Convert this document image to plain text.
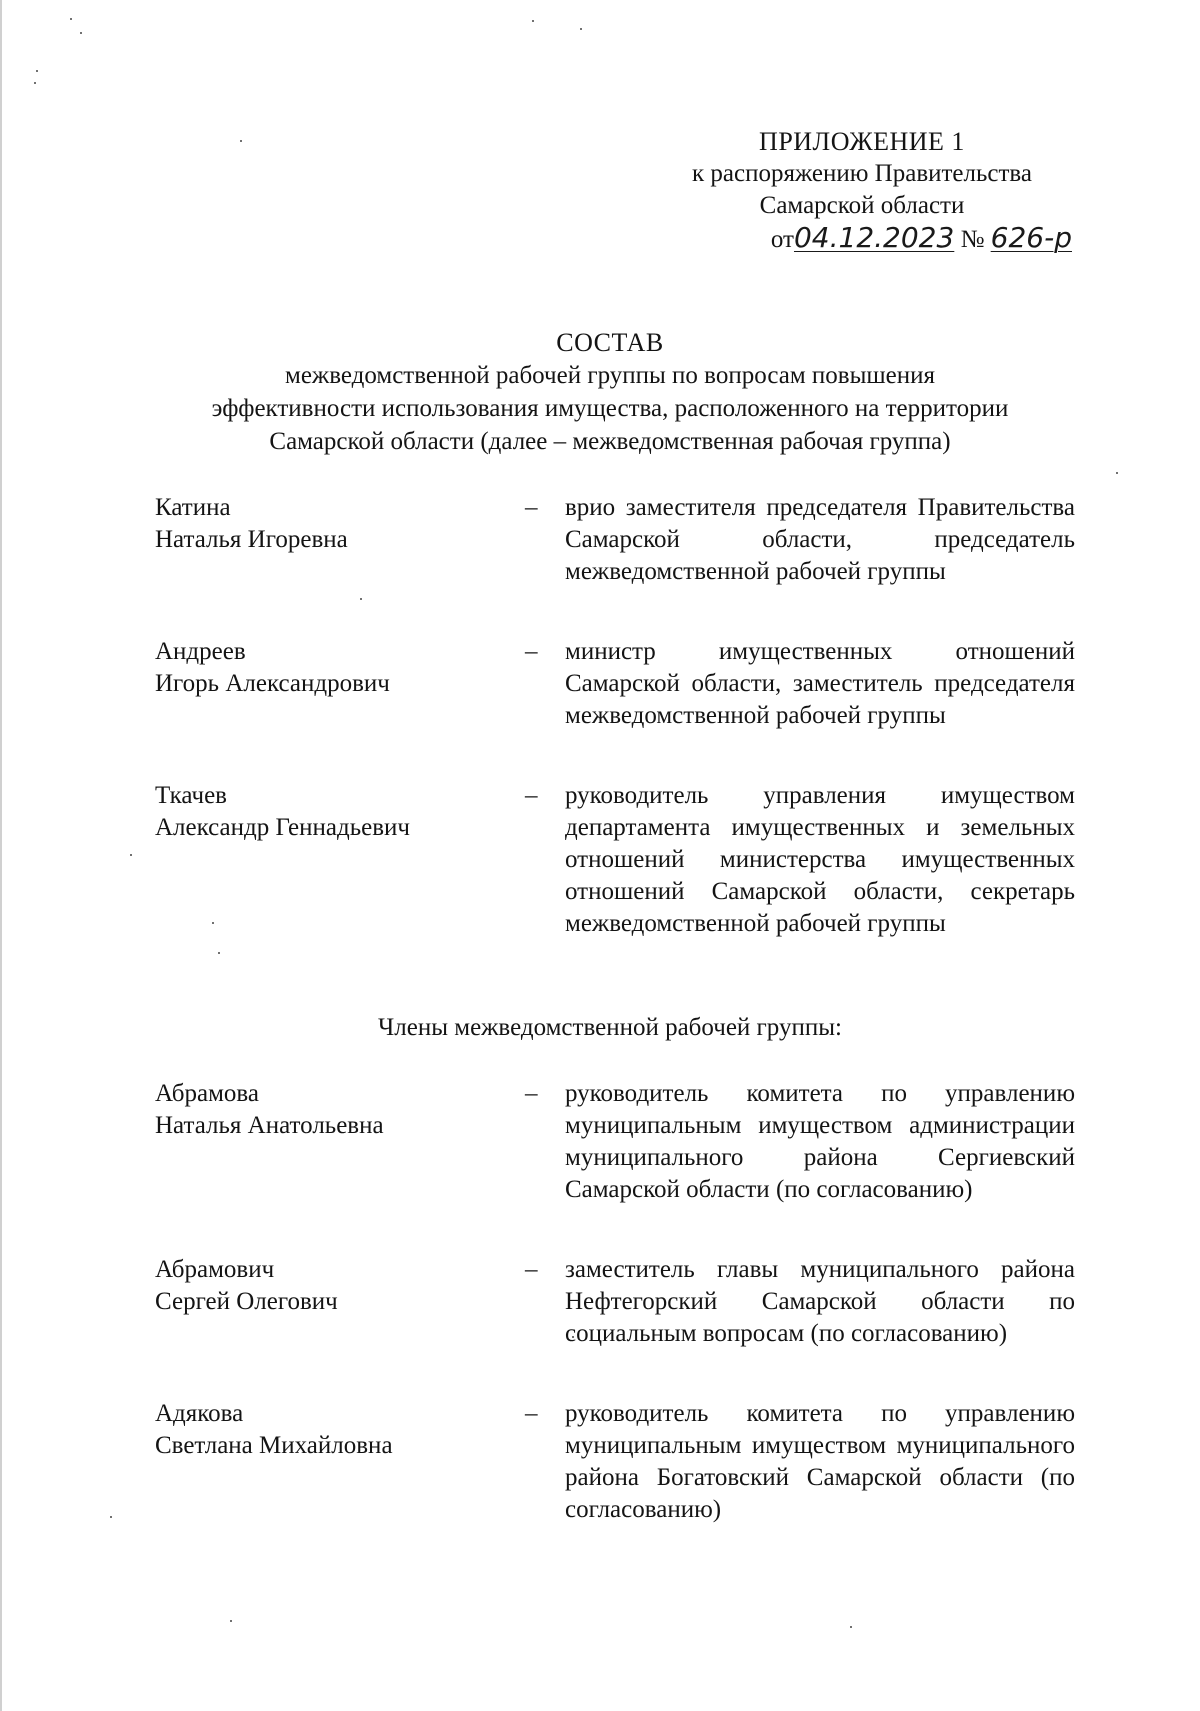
ПРИЛОЖЕНИЕ 1
к распоряжению Правительства
Самарской области
от04.12.2023 № 626-р
СОСТАВ
межведомственной рабочей группы по вопросам повышения
эффективности использования имущества, расположенного на территории
Самарской области (далее – межведомственная рабочая группа)
Катина
Наталья Игоревна
–	врио заместителя председателя Правительства Самарской области, председатель межведомственной рабочей группы
Андреев
Игорь Александрович
–	министр имущественных отношений Самарской области, заместитель председателя межведомственной рабочей группы
Ткачев
Александр Геннадьевич
–	руководитель управления имуществом департамента имущественных и земельных отношений министерства имущественных отношений Самарской области, секретарь межведомственной рабочей группы
Члены межведомственной рабочей группы:
Абрамова
Наталья Анатольевна
–	руководитель комитета по управлению муниципальным имуществом администрации муниципального района Сергиевский Самарской области (по согласованию)
Абрамович
Сергей Олегович
–	заместитель главы муниципального района Нефтегорский Самарской области по социальным вопросам (по согласованию)
Адякова
Светлана Михайловна
–	руководитель комитета по управлению муниципальным имуществом муниципального района Богатовский Самарской области (по согласованию)
